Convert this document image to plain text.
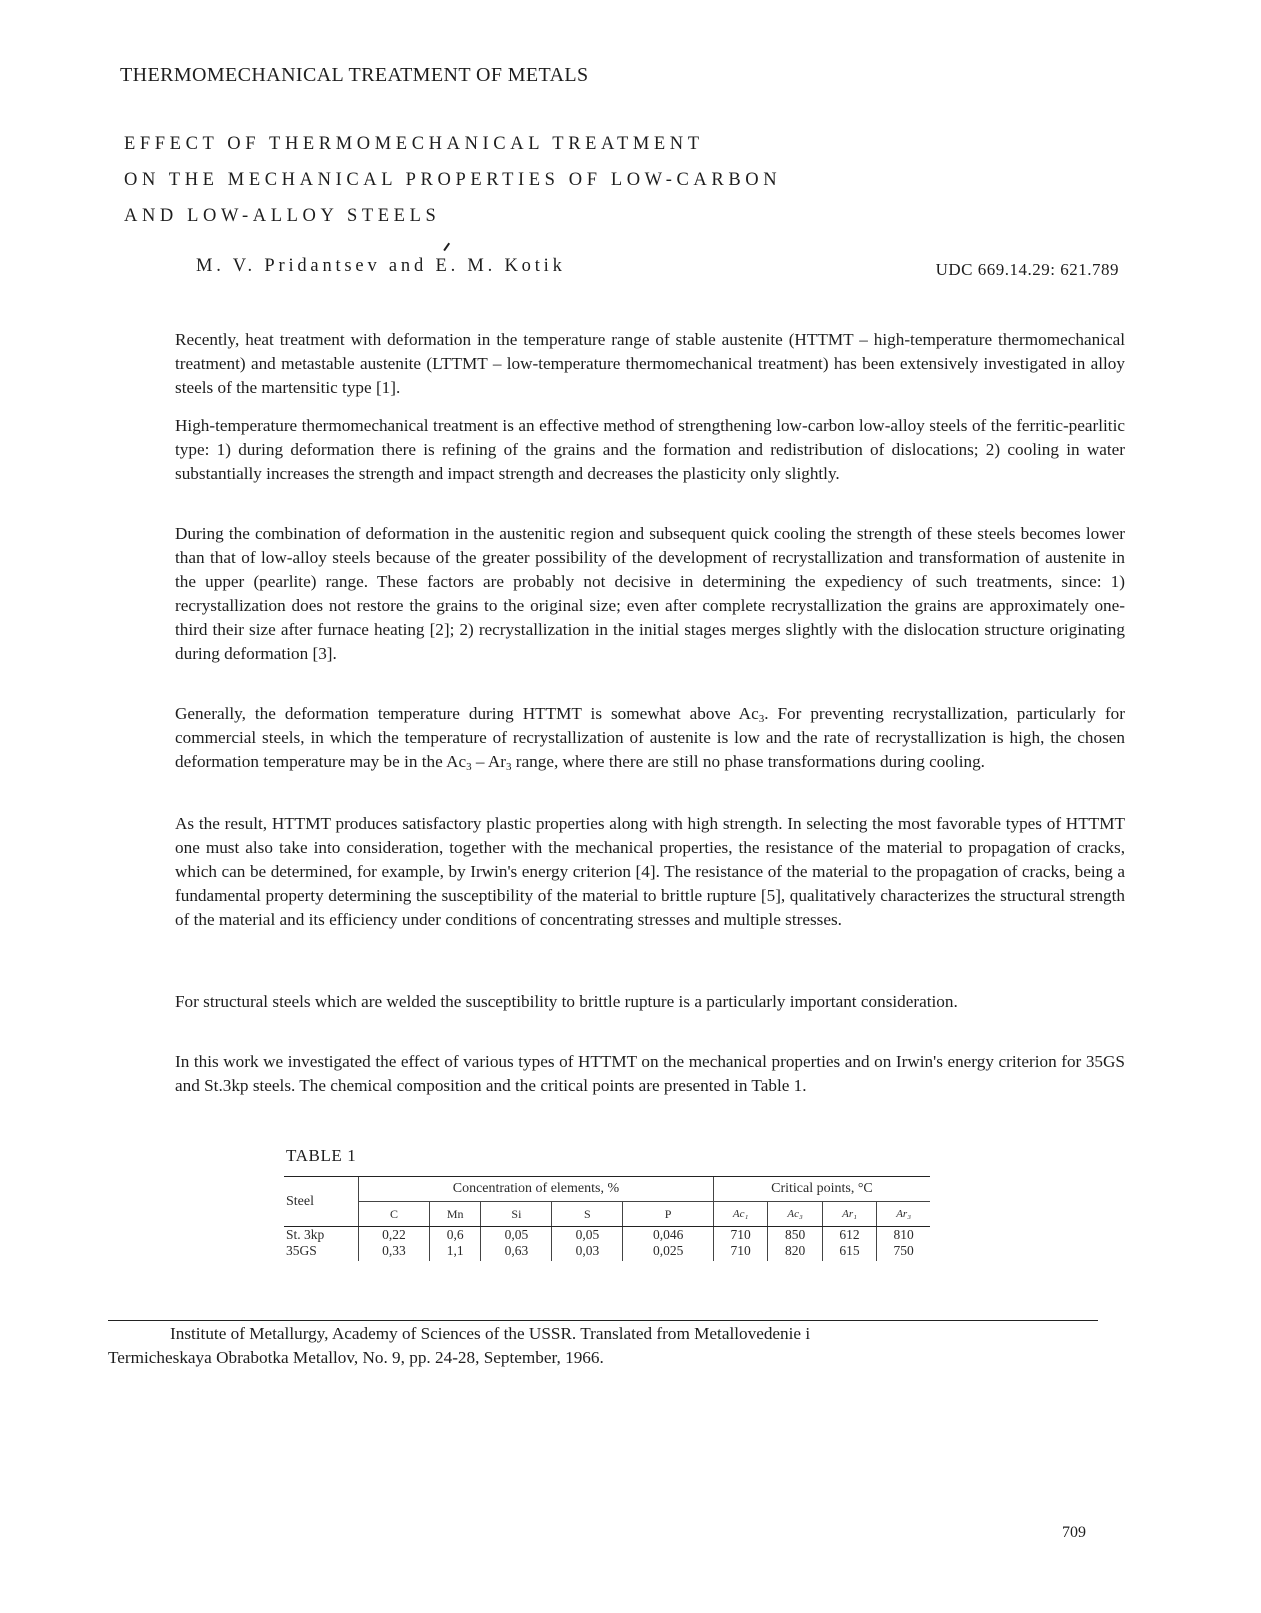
THERMOMECHANICAL TREATMENT OF METALS
EFFECT OF THERMOMECHANICAL TREATMENT
ON THE MECHANICAL PROPERTIES OF LOW-CARBON
AND LOW-ALLOY STEELS
M. V. Pridantsev and E. M. Kotik	UDC 669.14.29: 621.789
Recently, heat treatment with deformation in the temperature range of stable austenite (HTTMT – high-temperature thermomechanical treatment) and metastable austenite (LTTMT – low-temperature thermomechanical treatment) has been extensively investigated in alloy steels of the martensitic type [1].
High-temperature thermomechanical treatment is an effective method of strengthening low-carbon low-alloy steels of the ferritic-pearlitic type: 1) during deformation there is refining of the grains and the formation and redistribution of dislocations; 2) cooling in water substantially increases the strength and impact strength and decreases the plasticity only slightly.
During the combination of deformation in the austenitic region and subsequent quick cooling the strength of these steels becomes lower than that of low-alloy steels because of the greater possibility of the development of recrystallization and transformation of austenite in the upper (pearlite) range. These factors are probably not decisive in determining the expediency of such treatments, since: 1) recrystallization does not restore the grains to the original size; even after complete recrystallization the grains are approximately one-third their size after furnace heating [2]; 2) recrystallization in the initial stages merges slightly with the dislocation structure originating during deformation [3].
Generally, the deformation temperature during HTTMT is somewhat above $Ac_3$. For preventing recrystallization, particularly for commercial steels, in which the temperature of recrystallization of austenite is low and the rate of recrystallization is high, the chosen deformation temperature may be in the $Ac_3 - Ar_3$ range, where there are still no phase transformations during cooling.
As the result, HTTMT produces satisfactory plastic properties along with high strength. In selecting the most favorable types of HTTMT one must also take into consideration, together with the mechanical properties, the resistance of the material to propagation of cracks, which can be determined, for example, by Irwin's energy criterion [4]. The resistance of the material to the propagation of cracks, being a fundamental property determining the susceptibility of the material to brittle rupture [5], qualitatively characterizes the structural strength of the material and its efficiency under conditions of concentrating stresses and multiple stresses.
For structural steels which are welded the susceptibility to brittle rupture is a particularly important consideration.
In this work we investigated the effect of various types of HTTMT on the mechanical properties and on Irwin's energy criterion for 35GS and St.3kp steels. The chemical composition and the critical points are presented in Table 1.
TABLE 1
Steel	Concentration of elements, %					Critical points, °C			
	C	Mn	Si	S	P	Ac₁	Ac₃	Ar₁	Ar₃
St. 3kp	0,22	0,6	0,05	0,05	0,046	710	850	612	810
35GS	0,33	1,1	0,63	0,03	0,025	710	820	615	750
Institute of Metallurgy, Academy of Sciences of the USSR. Translated from Metallovedenie i
Termicheskaya Obrabotka Metallov, No. 9, pp. 24-28, September, 1966.
709
